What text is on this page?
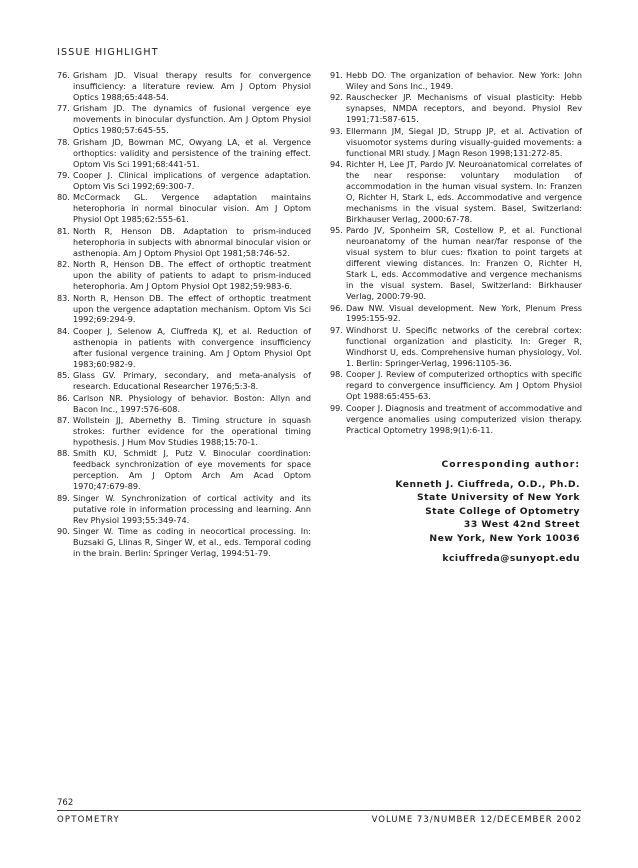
ISSUE HIGHLIGHT
76. Grisham JD. Visual therapy results for convergence insufficiency: a literature review. Am J Optom Physiol Optics 1988;65:448-54.
77. Grisham JD. The dynamics of fusional vergence eye movements in binocular dysfunction. Am J Optom Physiol Optics 1980;57:645-55.
78. Grisham JD, Bowman MC, Owyang LA, et al. Vergence orthoptics: validity and persistence of the training effect. Optom Vis Sci 1991;68:441-51.
79. Cooper J. Clinical implications of vergence adaptation. Optom Vis Sci 1992;69:300-7.
80. McCormack GL. Vergence adaptation maintains heterophoria in normal binocular vision. Am J Optom Physiol Opt 1985;62:555-61.
81. North R, Henson DB. Adaptation to prism-induced heterophoria in subjects with abnormal binocular vision or asthenopia. Am J Optom Physiol Opt 1981;58:746-52.
82. North R, Henson DB. The effect of orthoptic treatment upon the ability of patients to adapt to prism-induced heterophoria. Am J Optom Physiol Opt 1982;59:983-6.
83. North R, Henson DB. The effect of orthoptic treatment upon the vergence adaptation mechanism. Optom Vis Sci 1992;69:294-9.
84. Cooper J, Selenow A, Ciuffreda KJ, et al. Reduction of asthenopia in patients with convergence insufficiency after fusional vergence training. Am J Optom Physiol Opt 1983;60:982-9.
85. Glass GV. Primary, secondary, and meta-analysis of research. Educational Researcher 1976;5:3-8.
86. Carlson NR. Physiology of behavior. Boston: Allyn and Bacon Inc., 1997:576-608.
87. Wollstein JJ, Abernethy B. Timing structure in squash strokes: further evidence for the operational timing hypothesis. J Hum Mov Studies 1988;15:70-1.
88. Smith KU, Schmidt J, Putz V. Binocular coordination: feedback synchronization of eye movements for space perception. Am J Optom Arch Am Acad Optom 1970;47:679-89.
89. Singer W. Synchronization of cortical activity and its putative role in information processing and learning. Ann Rev Physiol 1993;55:349-74.
90. Singer W. Time as coding in neocortical processing. In: Buzsaki G, Llinas R, Singer W, et al., eds. Temporal coding in the brain. Berlin: Springer Verlag, 1994:51-79.
91. Hebb DO. The organization of behavior. New York: John Wiley and Sons Inc., 1949.
92. Rauschecker JP. Mechanisms of visual plasticity: Hebb synapses, NMDA receptors, and beyond. Physiol Rev 1991;71:587-615.
93. Ellermann JM, Siegal JD, Strupp JP, et al. Activation of visuomotor systems during visually-guided movements: a functional MRI study. J Magn Reson 1998;131:272-85.
94. Richter H, Lee JT, Pardo JV. Neuroanatomical correlates of the near response: voluntary modulation of accommodation in the human visual system. In: Franzen O, Richter H, Stark L, eds. Accommodative and vergence mechanisms in the visual system. Basel, Switzerland: Birkhauser Verlag, 2000:67-78.
95. Pardo JV, Sponheim SR, Costellow P, et al. Functional neuroanatomy of the human near/far response of the visual system to blur cues: fixation to point targets at different viewing distances. In: Franzen O, Richter H, Stark L, eds. Accommodative and vergence mechanisms in the visual system. Basel, Switzerland: Birkhauser Verlag, 2000:79-90.
96. Daw NW. Visual development. New York, Plenum Press 1995:155-92.
97. Windhorst U. Specific networks of the cerebral cortex: functional organization and plasticity. In: Greger R, Windhorst U, eds. Comprehensive human physiology, Vol. 1. Berlin: Springer-Verlag, 1996:1105-36.
98. Cooper J. Review of computerized orthoptics with specific regard to convergence insufficiency. Am J Optom Physiol Opt 1988:65:455-63.
99. Cooper J. Diagnosis and treatment of accommodative and vergence anomalies using computerized vision therapy. Practical Optometry 1998;9(1):6-11.
Corresponding author:
Kenneth J. Ciuffreda, O.D., Ph.D.
State University of New York
State College of Optometry
33 West 42nd Street
New York, New York 10036
kciuffreda@sunyopt.edu
762
OPTOMETRY	VOLUME 73/NUMBER 12/DECEMBER 2002
